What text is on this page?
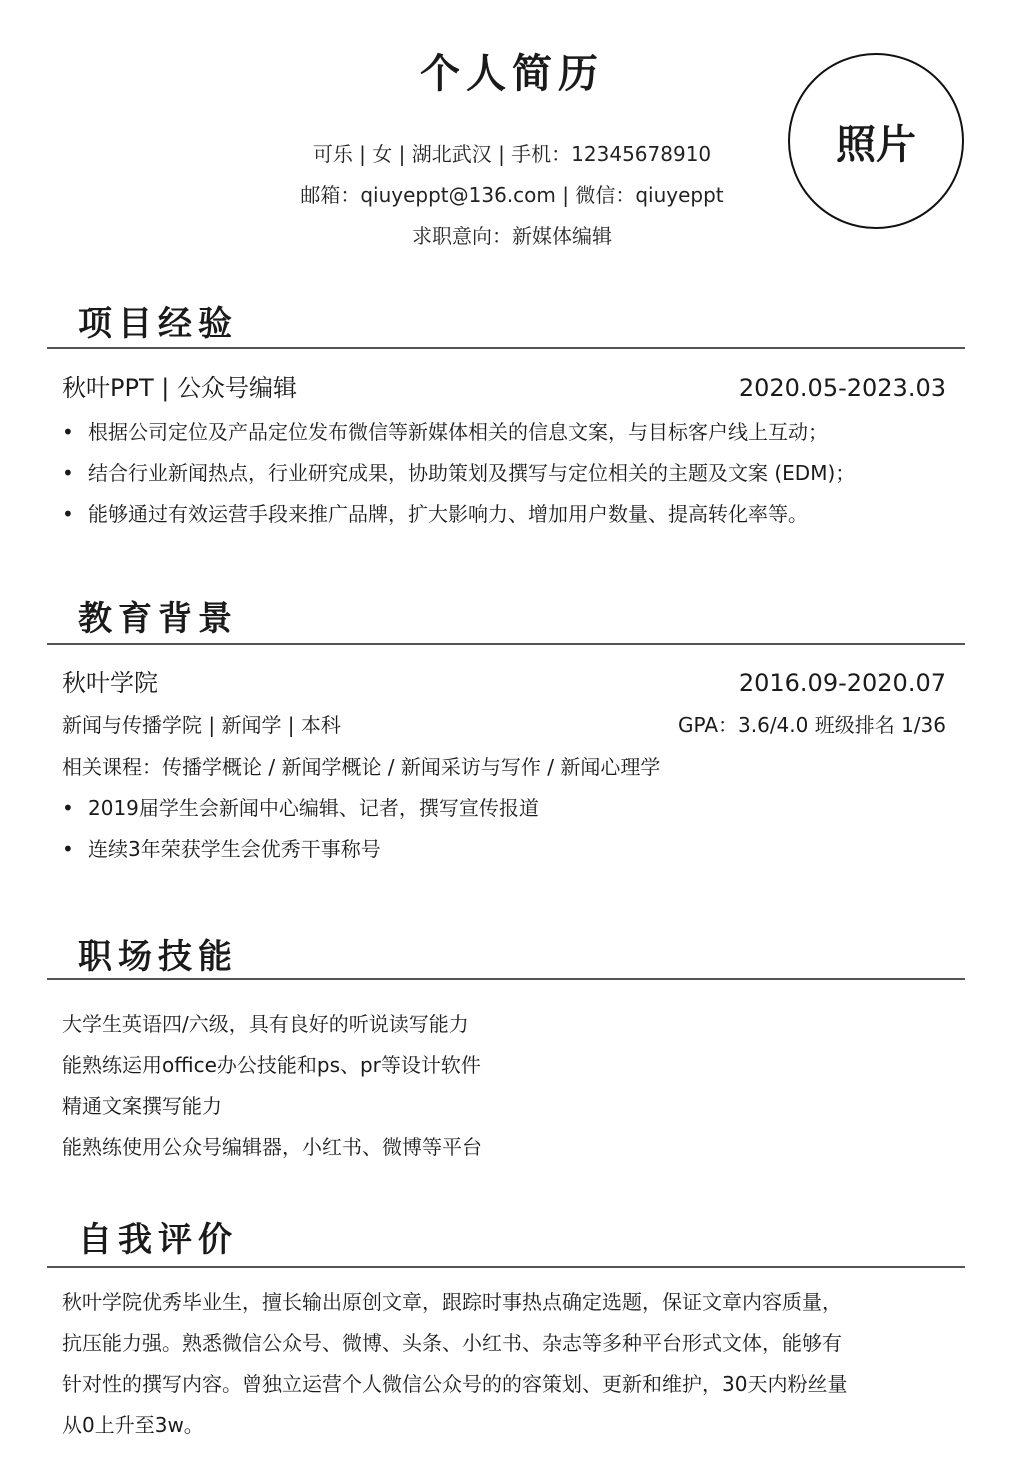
个人简历
可乐 | 女 | 湖北武汉 | 手机：12345678910
邮箱：qiuyeppt@136.com | 微信：qiuyeppt
求职意向：新媒体编辑
照片
项目经验
秋叶PPT | 公众号编辑	2020.05-2023.03
• 根据公司定位及产品定位发布微信等新媒体相关的信息文案，与目标客户线上互动；
• 结合行业新闻热点，行业研究成果，协助策划及撰写与定位相关的主题及文案 (EDM)；
• 能够通过有效运营手段来推广品牌，扩大影响力、增加用户数量、提高转化率等。
教育背景
秋叶学院	2016.09-2020.07
新闻与传播学院 | 新闻学 | 本科	GPA：3.6/4.0 班级排名 1/36
相关课程：传播学概论 / 新闻学概论 / 新闻采访与写作 / 新闻心理学
• 2019届学生会新闻中心编辑、记者，撰写宣传报道
• 连续3年荣获学生会优秀干事称号
职场技能
大学生英语四/六级，具有良好的听说读写能力
能熟练运用office办公技能和ps、pr等设计软件
精通文案撰写能力
能熟练使用公众号编辑器，小红书、微博等平台
自我评价
秋叶学院优秀毕业生，擅长输出原创文章，跟踪时事热点确定选题，保证文章内容质量，
抗压能力强。熟悉微信公众号、微博、头条、小红书、杂志等多种平台形式文体，能够有
针对性的撰写内容。曾独立运营个人微信公众号的的容策划、更新和维护，30天内粉丝量
从0上升至3w。
